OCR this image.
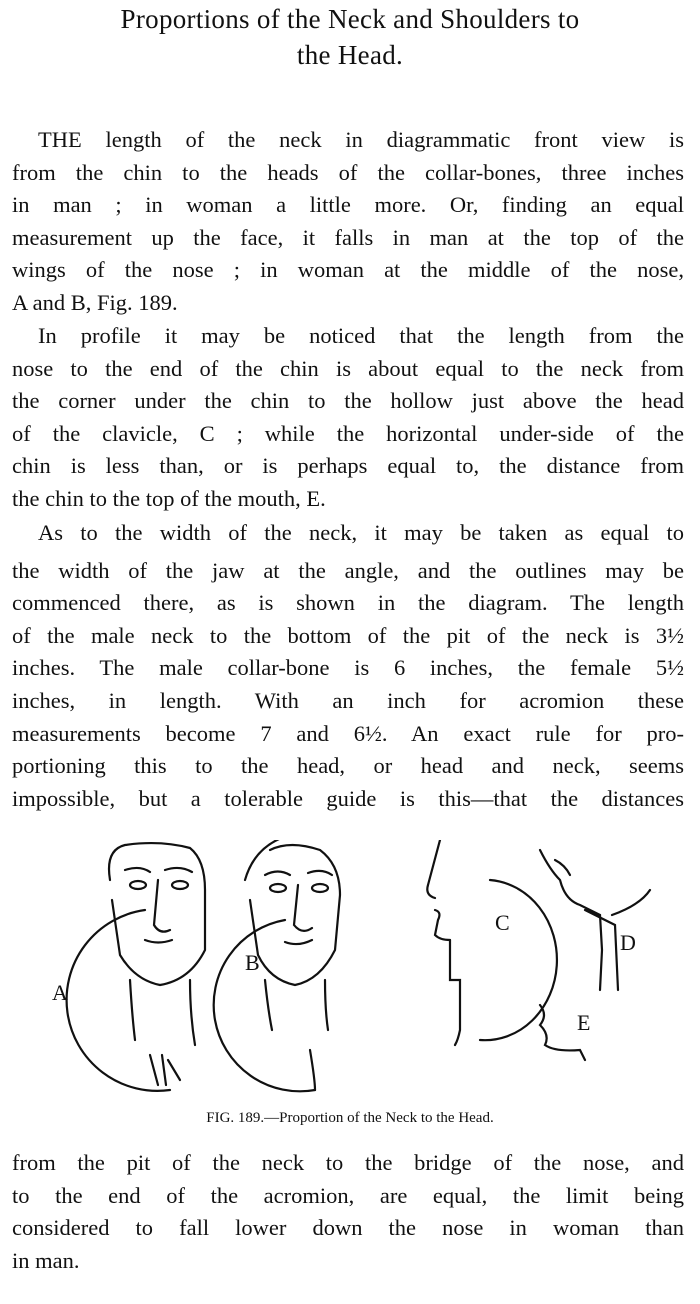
Proportions of the Neck and Shoulders to
the Head.
THE length of the neck in diagrammatic front view is
from the chin to the heads of the collar-bones, three inches
in man ; in woman a little more. Or, finding an equal
measurement up the face, it falls in man at the top of the
wings of the nose ; in woman at the middle of the nose,
A and B, Fig. 189.
In profile it may be noticed that the length from the
nose to the end of the chin is about equal to the neck from
the corner under the chin to the hollow just above the head
of the clavicle, C ; while the horizontal under-side of the
chin is less than, or is perhaps equal to, the distance from
the chin to the top of the mouth, E.
As to the width of the neck, it may be taken as equal to
the width of the jaw at the angle, and the outlines may be
commenced there, as is shown in the diagram. The length
of the male neck to the bottom of the pit of the neck is 3½
inches. The male collar-bone is 6 inches, the female 5½
inches, in length. With an inch for acromion these
measurements become 7 and 6½. An exact rule for pro-
portioning this to the head, or head and neck, seems
impossible, but a tolerable guide is this—that the distances
A
B
C
D
E
FIG. 189.—Proportion of the Neck to the Head.
from the pit of the neck to the bridge of the nose, and
to the end of the acromion, are equal, the limit being
considered to fall lower down the nose in woman than
in man.
